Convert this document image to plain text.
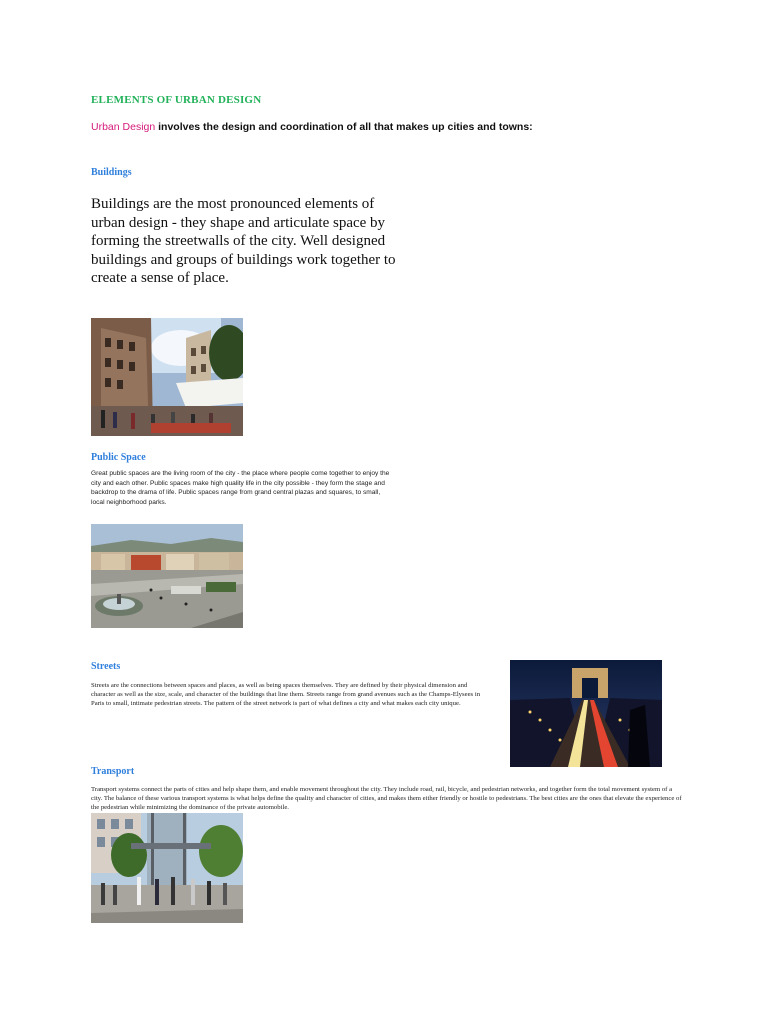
ELEMENTS OF URBAN DESIGN
Urban Design involves the design and coordination of all that makes up cities and towns:
Buildings
Buildings are the most pronounced elements of urban design - they shape and articulate space by forming the streetwalls of the city. Well designed buildings and groups of buildings work together to create a sense of place.
Public Space
Great public spaces are the living room of the city - the place where people come together to enjoy the city and each other. Public spaces make high quality life in the city possible - they form the stage and backdrop to the drama of life. Public spaces range from grand central plazas and squares, to small, local neighborhood parks.
Streets
Streets are the connections between spaces and places, as well as being spaces themselves. They are defined by their physical dimension and character as well as the size, scale, and character of the buildings that line them. Streets range from grand avenues such as the Champs-Elysees in Paris to small, intimate pedestrian streets. The pattern of the street network is part of what defines a city and what makes each city unique.
Transport
Transport systems connect the parts of cities and help shape them, and enable movement throughout the city. They include road, rail, bicycle, and pedestrian networks, and together form the total movement system of a city. The balance of these various transport systems is what helps define the quality and character of cities, and makes them either friendly or hostile to pedestrians. The best cities are the ones that elevate the experience of the pedestrian while minimizing the dominance of the private automobile.
